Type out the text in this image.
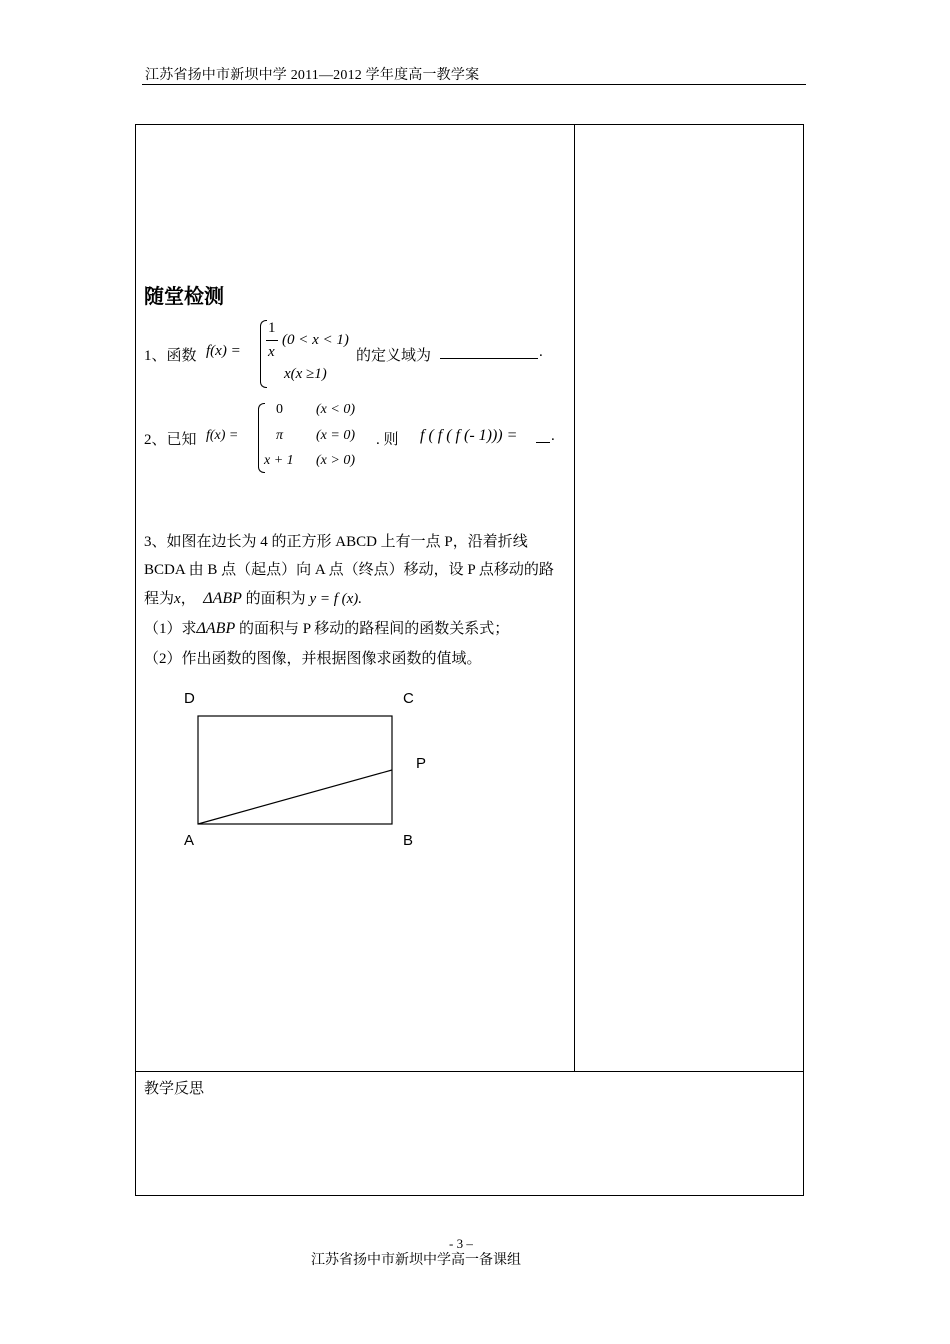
江苏省扬中市新坝中学 2011—2012 学年度高一教学案
随堂检测
1、函数 f(x) =
1
x
(0 < x < 1)
x(x ≥1)
的定义域为	.
2、已知 f(x) =
0 (x < 0)
π (x = 0)
x + 1 (x > 0)
. 则 f ( f ( f (- 1))) = .
3、如图在边长为 4 的正方形 ABCD 上有一点 P，沿着折线
BCDA 由 B 点（起点）向 A 点（终点）移动，设 P 点移动的路
程为x， ΔABP 的面积为 y = f (x).
（1）求ΔABP 的面积与 P 移动的路程间的函数关系式；
（2）作出函数的图像，并根据图像求函数的值域。
D	C
P
A	B
教学反思
- 3 –
江苏省扬中市新坝中学高一备课组
